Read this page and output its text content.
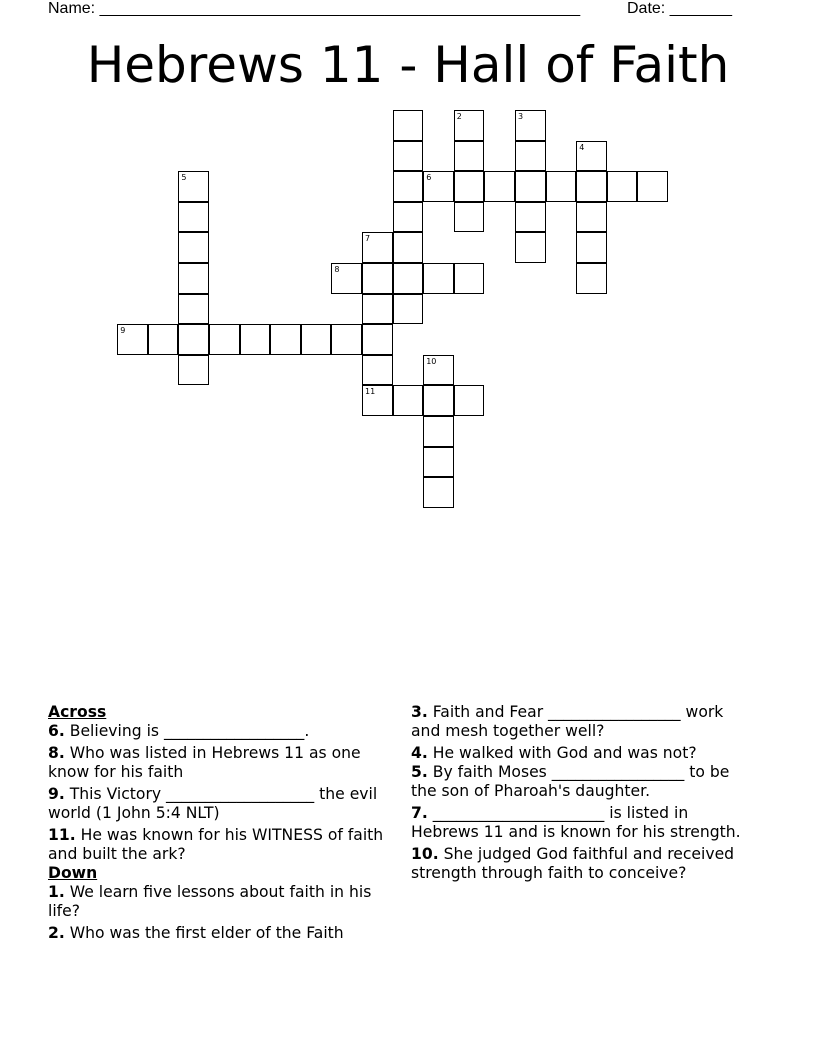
Name: ______________________________________________________	Date: _______
Hebrews 11 - Hall of Faith
2	3
4
5	6
7
8
9
10
11
Across
6. Believing is __________________.
8. Who was listed in Hebrews 11 as one know for his faith
9. This Victory ___________________ the evil world (1 John 5:4 NLT)
11. He was known for his WITNESS of faith and built the ark?
Down
1. We learn five lessons about faith in his life?
2. Who was the first elder of the Faith
3. Faith and Fear _________________ work and mesh together well?
4. He walked with God and was not?
5. By faith Moses _________________ to be the son of Pharoah's daughter.
7. ______________________ is listed in Hebrews 11 and is known for his strength.
10. She judged God faithful and received strength through faith to conceive?
